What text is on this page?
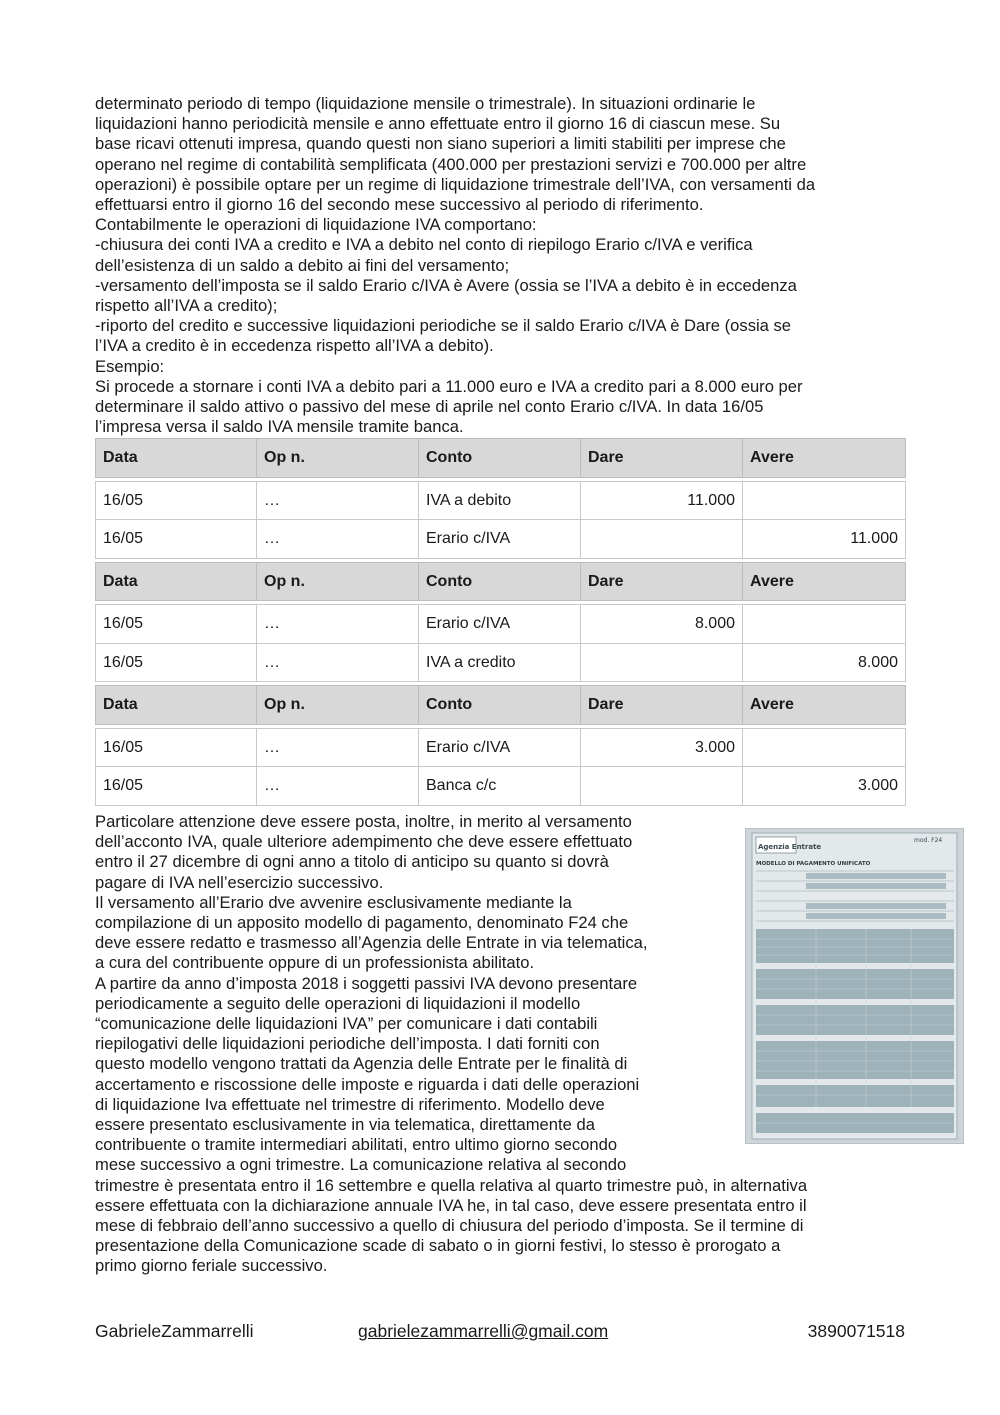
determinato periodo di tempo (liquidazione mensile o trimestrale). In situazioni ordinarie le

liquidazioni hanno periodicità mensile e anno effettuate entro il giorno 16 di ciascun mese. Su

base ricavi ottenuti impresa, quando questi non siano superiori a limiti stabiliti per imprese che

operano nel regime di contabilità semplificata (400.000 per prestazioni servizi e 700.000 per altre

operazioni) è possibile optare per un regime di liquidazione trimestrale dell’IVA, con versamenti da

effettuarsi entro il giorno 16 del secondo mese successivo al periodo di riferimento.

Contabilmente le operazioni di liquidazione IVA comportano:

-chiusura dei conti IVA a credito e IVA a debito nel conto di riepilogo Erario c/IVA e verifica

dell’esistenza di un saldo a debito ai fini del versamento;

-versamento dell’imposta se il saldo Erario c/IVA è Avere (ossia se l’IVA a debito è in eccedenza

rispetto all’IVA a credito);

-riporto del credito e successive liquidazioni periodiche se il saldo Erario c/IVA è Dare (ossia se

l’IVA a credito è in eccedenza rispetto all’IVA a debito).

Esempio:

Si procede a stornare i conti IVA a debito pari a 11.000 euro e IVA a credito pari a 8.000 euro per

determinare il saldo attivo o passivo del mese di aprile nel conto Erario c/IVA. In data 16/05

l’impresa versa il saldo IVA mensile tramite banca.

Data	Op n.	Conto	Dare	Avere

16/05	…	IVA a debito	11.000	
16/05	…	Erario c/IVA		11.000

Data	Op n.	Conto	Dare	Avere

16/05	…	Erario c/IVA	8.000	
16/05	…	IVA a credito		8.000

Data	Op n.	Conto	Dare	Avere

16/05	…	Erario c/IVA	3.000	
16/05	…	Banca c/c		3.000
Agenzia Entrate
mod. F24
MODELLO DI PAGAMENTO UNIFICATO

Particolare attenzione deve essere posta, inoltre, in merito al versamento

dell’acconto IVA, quale ulteriore adempimento che deve essere effettuato

entro il 27 dicembre di ogni anno a titolo di anticipo su quanto si dovrà

pagare di IVA nell’esercizio successivo.

Il versamento all’Erario dve avvenire esclusivamente mediante la

compilazione di un apposito modello di pagamento, denominato F24 che

deve essere redatto e trasmesso all’Agenzia delle Entrate in via telematica,

a cura del contribuente oppure di un professionista abilitato.

A partire da anno d’imposta 2018 i soggetti passivi IVA devono presentare

periodicamente a seguito delle operazioni di liquidazioni il modello

“comunicazione delle liquidazioni IVA” per comunicare i dati contabili

riepilogativi delle liquidazioni periodiche dell’imposta. I dati forniti con

questo modello vengono trattati da Agenzia delle Entrate per le finalità di

accertamento e riscossione delle imposte e riguarda i dati delle operazioni

di liquidazione Iva effettuate nel trimestre di riferimento. Modello deve

essere presentato esclusivamente in via telematica, direttamente da

contribuente o tramite intermediari abilitati, entro ultimo giorno secondo

mese successivo a ogni trimestre. La comunicazione relativa al secondo

trimestre è presentata entro il 16 settembre e quella relativa al quarto trimestre può, in alternativa

essere effettuata con la dichiarazione annuale IVA he, in tal caso, deve essere presentata entro il

mese di febbraio dell’anno successivo a quello di chiusura del periodo d’imposta. Se il termine di

presentazione della Comunicazione scade di sabato o in giorni festivi, lo stesso è prorogato a

primo giorno feriale successivo.

GabrieleZammarrelli	gabrielezammarrelli@gmail.com	3890071518
